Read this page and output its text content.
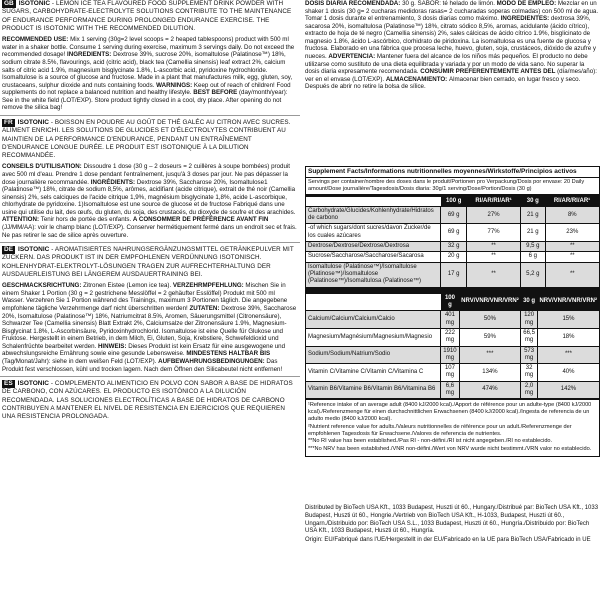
GB ISOTONIC - LEMON ICE TEA FLAVOURED FOOD SUPPLEMENT DRINK POWDER WITH SUGARS, CARBOHYDRATE-ELECTROLYTE SOLUTIONS CONTRIBUTE TO THE MAINTENANCE OF ENDURANCE PERFORMANCE DURING PROLONGED ENDURANCE EXERCISE. THE PRODUCT IS ISOTONIC WITH THE RECOMMENDED DILUTION.
RECOMMENDED USE: Mix 1 serving (30g=2 level scoops = 2 heaped tablespoons) product with 500 ml water in a shaker bottle. Consume 1 serving during exercise, maximum 3 servings daily. Do not exceed the recommended dosage! INGREDIENTS: Dextrose 39%, sucrose 20%, isomaltulose (Palatinose™) 18%, sodium citrate 8.5%, flavourings, acid (citric acid), black tea (Camellia sinensis) leaf extract 2%, calcium salts of citric acid 1.9%, magnesium bisglycinate 1.8%, L-ascorbic acid, pyridoxine hydrochloride. Isomaltulose is a source of glucose and fructose. Made in a plant that manufactures milk, egg, gluten, soy, crustaceans, sulphur dioxide and nuts containing foods. WARNINGS: Keep out of reach of children! Food supplements do not replace a balanced nutrition and healthy lifestyle. BEST BEFORE (day/month/year): See in the white field (LOT/EXP). Store product tightly closed in a cool, dry place. After opening do not remove the silica bag!
FR ISOTONIC - BOISSON EN POUDRE AU GOÛT DE THÉ GALÉC AU CITRON AVEC SUCRES. ALIMENT ENRICHI. LES SOLUTIONS DE GLUCIDES ET D'ÉLECTROLYTES CONTRIBUENT AU MAINTIEN DE LA PERFORMANCE D'ENDURANCE, PENDANT UN ENTRAÎNEMENT D'ENDURANCE LONGUE DURÉE. LE PRODUIT EST ISOTONIQUE À LA DILUTION RECOMMANDÉE.
CONSEILS D'UTILISATION: Dissoudre 1 dose (30 g – 2 doseurs = 2 cuillères à soupe bombées) produit avec 500 ml d'eau. Prendre 1 dose pendant l'entraînement, jusqu'à 3 doses par jour. Ne pas dépasser la dose journalière recommandée. INGRÉDIENTS: Dextrose 39%, Saccharose 20%, Isomaltulose1 (Palatinose™) 18%, citrate de sodium 8,5%, arômes, acidifiant (acide citrique), extrait de thé noir (Camellia sinensis) 2%, sels calciques de l'acide citrique 1,9%, magnésium bisglycinate 1,8%, acide L-ascorbique, chlorhydrate de pyridoxine. 1)Isomaltulose est une source de glucose et de fructose Fabriqué dans une usine qui utilise du lait, des œufs, du gluten, du soja, des crustacés, du dioxyde de soufre et des arachides. ATTENTION: Tenir hors de portée des enfants. A CONSOMMER DE PRÉFÉRENCE AVANT FIN (JJ/MM/AA): voir le champ blanc (LOT/EXP). Conserver hermétiquement fermé dans un endroit sec et frais. Ne pas retirer le sac de silice après ouverture.
DE ISOTONIC - AROMATISIERTES NAHRUNGSERGÄNZUNGSMITTEL GETRÄNKEPULVER MIT ZUCKERN. DAS PRODUKT IST IN DER EMPFOHLENEN VERDÜNNUNG ISOTONISCH. KOHLENHYDRAT-ELEKTROLYT-LÖSUNGEN TRAGEN ZUR AUFRECHTERHALTUNG DER AUSDAUERLEISTUNG BEI LÄNGEREM AUSDAUERTRAINING BEI.
GESCHMACKSRICHTUNG: Zitronen Eistee (Lemon ice tea). VERZEHRMPFEHLUNG: Mischen Sie in einem Shaker 1 Portion (30 g = 2 gestrichene Messlöffel = 2 gehäufter Esslöffel) Produkt mit 500 ml Wasser. Verzehren Sie 1 Portion während des Trainings, maximum 3 Portionen täglich. Die angegebene empfohlene tägliche Verzehrmenge darf nicht überschritten werden! ZUTATEN: Dextrose 39%, Saccharose 20%, Isomaltulose (Palatinose™) 18%, Natriumcitrat 8.5%, Aromen, Säuerungsmittel (Citronensäure), Schwarzer Tee (Camellia sinensis) Blatt Extrakt 2%, Calciumsalze der Zitronensäure 1.9%, Magnesium-Bisglycinat 1.8%, L-Ascorbinsäure, Pyridoxinhydrochlorid. Isomaltulose ist eine Quelle für Glukose und Fruktose. Hergestellt in einem Betrieb, in dem Milch, Ei, Gluten, Soja, Krebstiere, Schwefeldioxid und Schalenfrüchte bearbeitet werden. HINWEIS: Dieses Produkt ist kein Ersatz für eine ausgewogene und abwechslungsreiche Ernährung sowie eine gesunde Lebensweise. MINDESTENS HALTBAR BIS (Tag/Monat/Jahr): siehe in dem weißen Feld (LOT/EXP). AUFBEWAHRUNGSBEDINGUNGEN: Das Produkt fest verschlossen, kühl und trocken lagern. Nach dem Öffnen den Silicabeutel nicht entfernen!
ES ISOTONIC - COMPLEMENTO ALIMENTICIO EN POLVO CON SABOR A BASE DE HIDRATOS DE CARBONO, CON AZÚCARES. EL PRODUCTO ES ISOTÓNICO A LA DILUCIÓN RECOMENDADA. LAS SOLUCIONES ELECTROLÍTICAS A BASE DE HIDRATOS DE CARBONO CONTRIBUYEN A MANTENER EL NIVEL DE RESISTENCIA EN EJERCICIOS QUE REQUIEREN UNA RESISTENCIA PROLONGADA.
DOSIS DIARIA RECOMENDADA: 30 g. SABOR: té helado de limón. MODO DE EMPLEO: Mezclar en un shaker 1 dosis (30 g= 2 cucharas medidoras rasas= 2 cucharadas soperas colmadas) con 500 ml de agua. Tomar 1 dosis durante el entrenamiento, 3 dosis diarias como máximo. INGREDIENTES: dextrosa 39%, sacarosa 20%, isomaltulosa (Palatinose™) 18%, citrato sódico 8,5%, aromas, acidulante (ácido cítrico), extracto de hoja de té negro (Camellia sinensis) 2%, sales cálcicas de ácido cítrico 1.9%, bisglicinato de magnesio 1.8%, ácido L-ascórbico, clorhidrato de piridoxina. La isomaltulosa es una fuente de glucosa y fructosa. Elaborado en una fábrica que procesa leche, huevo, gluten, soja, crustáceos, dióxido de azufre y nueces. ADVERTENCIA: Mantener fuera del alcance de los niños más pequeños. El producto no debe utilizarse como sustituto de una dieta equilibrada y variada y por un modo de vida sano. No superar la dosis diaria expresamente recomendada. CONSUMIR PREFERENTEMENTE ANTES DEL (día/mes/año): ver en el envase (LOT/EXP). ALMACENAMIENTO: Almacenar bien cerrado, en lugar fresco y seco. Después de abrir no retire la bolsa de sílice.
Supplement Facts/Informations nutritionnelles moyennes/Wirkstoffe/Principios activos
Servings per container/nombre des doses dans le produit/Portionen pro Verpackung/Dosis por envase: 20 Daily amount/Dose journalière/Tagesdosis/Dosis diaria: 30g/1 serving/Dose/Portion/Dosis (30 g)
	100 g	RI/AR/RI/AR¹	30 g	RI/AR/RI/AR¹
Carbohydrate/Glucides/Kohlenhydrate/Hidratos de carbono	69 g	27%	21 g	8%
-of which sugars/dont sucres/davon Zucker/de los cuales azúcares	69 g	77%	21 g	23%
Dextrose/Dextrose/Dextrose/Dextrosa	32 g	**	9,5 g	**
Sucrose/Saccharose/Saccharose/Sacarosa	20 g	**	6 g	**
Isomaltulose (Palatinose™)/Isomaltulose (Platinose™)/Isomaltulose (Palatinose™)/Isomaltulosa (Palatinose™)	17 g	**	5,2 g	**
	100 g	NRV/VNR/VNR/VRN²	30 g	NRV/VNR/VNR/VRN²
Calcium/Calcium/Calcium/Calcio	401 mg	50%	120 mg	15%
Magnesium/Magnésium/Magnesium/Magnesio	222 mg	59%	66,5 mg	18%
Sodium/Sodium/Natrium/Sodio	1910 mg	***	573 mg	***
Vitamin C/Vitamine C/Vitamin C/Vitamina C	107 mg	134%	32 mg	40%
Vitamin B6/Vitamine B6/Vitamin B6/Vitamina B6	6,6 mg	474%	2,0 mg	142%

¹Reference intake of an average adult (8400 kJ/2000 kcal)./Apport de référence pour un adulte-type (8400 kJ/2000 kcal)./Referenzmenge für einen durchschnittlichen Erwachsenen (8400 kJ/2000 kcal)./Ingesta de referencia de un adulto medio (8400 kJ/2000 kcal).

²Nutrient reference value for adults./Valeurs nutritionnelles de référence pour un adult./Referenzmenge der empfohlenen Tagesdosis für Erwachsene./Valores de referencia de nutrientes.

**No RI value has been established./Pas RI - non-défini./RI ist nicht angegeben./RI no establecido.

***No NRV has been established./VNR non-défini./Wert von NRV wurde nicht bestimmt./VRN valor no establecido.

Distributed by BioTech USA Kft., 1033 Budapest, Huszti út 60., Hungary./Distribué par: BioTech USA Kft., 1033 Budapest, Huszti út 60., Hongrie./Vertrieb von BioTech USA Kft., H-1033, Budapest, Huszti út 60., Ungarn./Distribuido por: BioTech USA S.L., 1033 Budapest, Huszti út 60., Hungría./Distribuido por: BioTech USA Kft., 1033 Budapest, Huszti út 60., Hungría.

Origin: EU/Fabriqué dans l'UE/Hergestellt in der EU/Fabricado en la UE para BioTech USA/Fabricado in UE
